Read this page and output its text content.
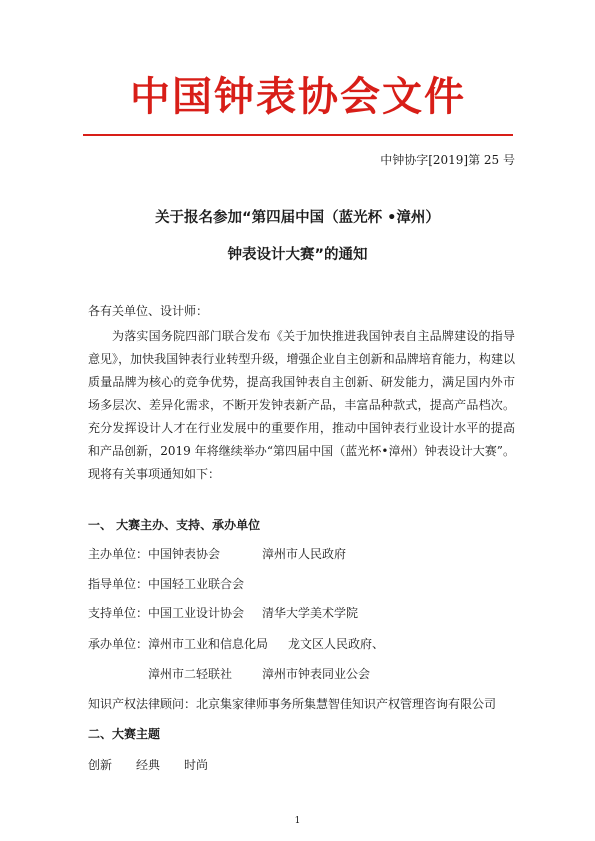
中国钟表协会文件
中钟协字[2019]第 25 号
关于报名参加“第四届中国（蓝光杯 •漳州）
钟表设计大赛”的通知
各有关单位、设计师：

为落实国务院四部门联合发布《关于加快推进我国钟表自主品牌建设的指导意见》，加快我国钟表行业转型升级，增强企业自主创新和品牌培育能力，构建以质量品牌为核心的竞争优势，提高我国钟表自主创新、研发能力，满足国内外市场多层次、差异化需求，不断开发钟表新产品，丰富品种款式，提高产品档次。充分发挥设计人才在行业发展中的重要作用，推动中国钟表行业设计水平的提高和产品创新，2019 年将继续举办“第四届中国（蓝光杯•漳州）钟表设计大赛”。现将有关事项通知如下：

一、 大赛主办、支持、承办单位
主办单位： 中国钟表协会	漳州市人民政府
指导单位： 中国轻工业联合会
支持单位： 中国工业设计协会 清华大学美术学院
承办单位： 漳州市工业和信息化局 龙文区人民政府、
漳州市二轻联社 漳州市钟表同业公会
知识产权法律顾问：北京集家律师事务所集慧智佳知识产权管理咨询有限公司
二、大赛主题
创新 经典 时尚
1
